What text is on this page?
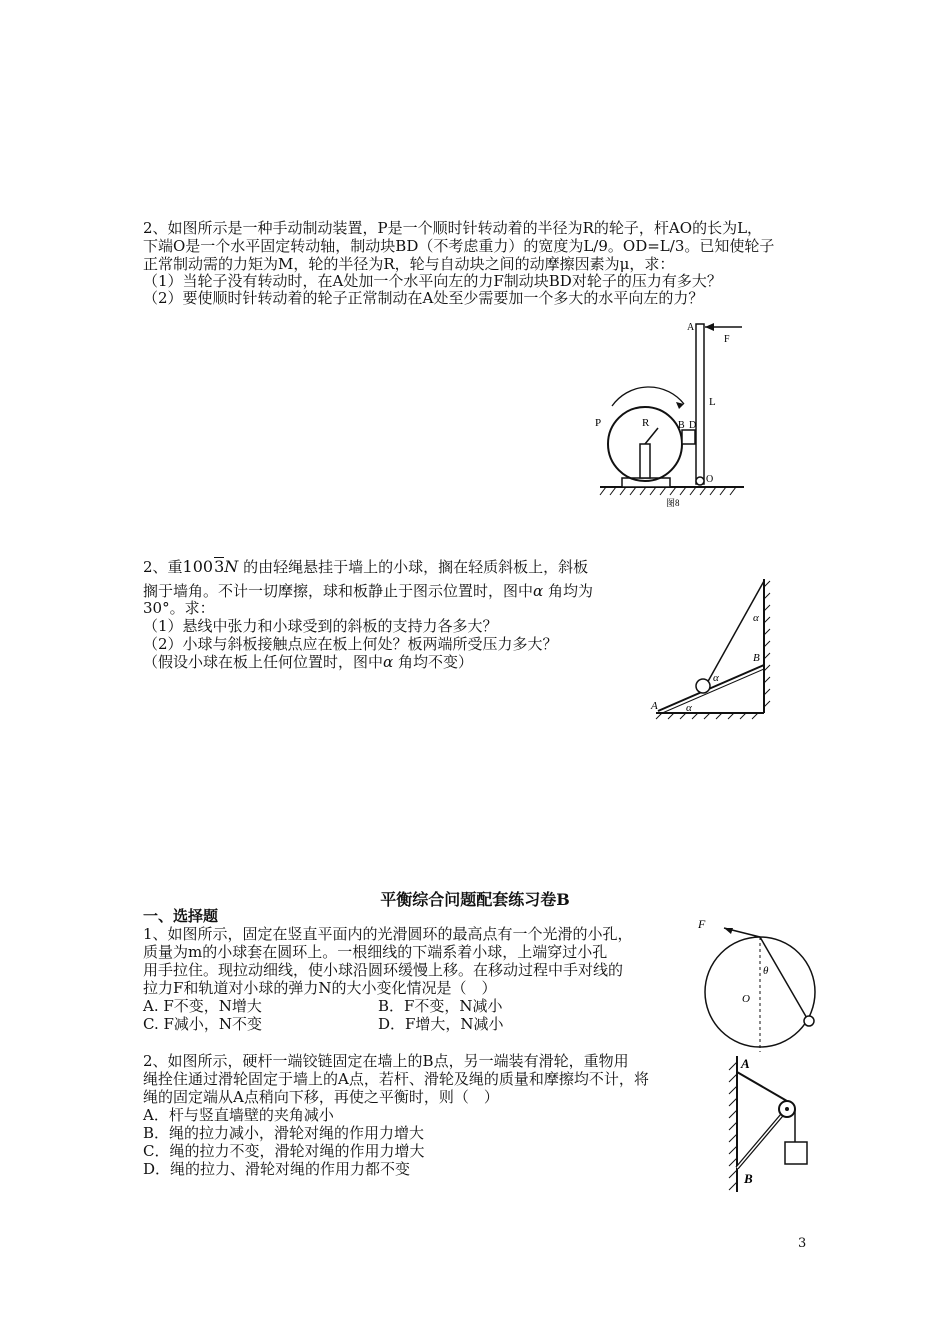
2、如图所示是一种手动制动装置，P是一个顺时针转动着的半径为R的轮子，杆AO的长为L，
下端O是一个水平固定转动轴，制动块BD（不考虑重力）的宽度为L/9。OD=L/3。已知使轮子
正常制动需的力矩为M，轮的半径为R，轮与自动块之间的动摩擦因素为μ，求：
（1）当轮子没有转动时，在A处加一个水平向左的力F制动块BD对轮子的压力有多大？
（2）要使顺时针转动着的轮子正常制动在A处至少需要加一个多大的水平向左的力？
A
F
L
P	R	B D
O
图8
2、重1003N 的由轻绳悬挂于墙上的小球，搁在轻质斜板上，斜板
搁于墙角。不计一切摩擦，球和板静止于图示位置时，图中α 角均为
30°。求：
（1）悬线中张力和小球受到的斜板的支持力各多大？
（2）小球与斜板接触点应在板上何处？板两端所受压力多大？
（假设小球在板上任何位置时，图中α 角均不变）
α
α
α
A
B
平衡综合问题配套练习卷B
一、选择题
1、如图所示，固定在竖直平面内的光滑圆环的最高点有一个光滑的小孔，
质量为m的小球套在圆环上。一根细线的下端系着小球，上端穿过小孔
用手拉住。现拉动细线，使小球沿圆环缓慢上移。在移动过程中手对线的
拉力F和轨道对小球的弹力N的大小变化情况是（　）
A. F不变，N增大	B．F不变，N减小
C. F减小，N不变	D．F增大，N减小
F
θ
O
2、如图所示，硬杆一端铰链固定在墙上的B点，另一端装有滑轮，重物用
绳拴住通过滑轮固定于墙上的A点，若杆、滑轮及绳的质量和摩擦均不计，将
绳的固定端从A点稍向下移，再使之平衡时，则（　）
A．杆与竖直墙壁的夹角减小
B．绳的拉力减小，滑轮对绳的作用力增大
C．绳的拉力不变，滑轮对绳的作用力增大
D．绳的拉力、滑轮对绳的作用力都不变
A
B
3
